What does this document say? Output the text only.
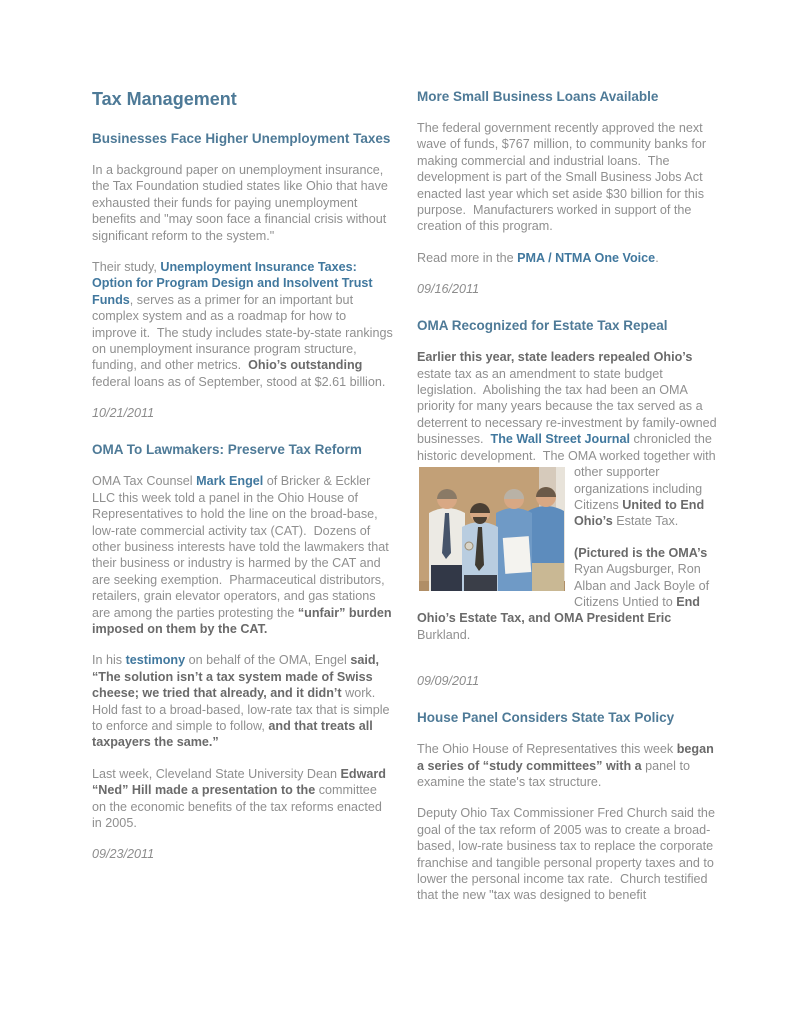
Tax Management
Businesses Face Higher Unemployment Taxes

In a background paper on unemployment insurance, the Tax Foundation studied states like Ohio that have exhausted their funds for paying unemployment benefits and "may soon face a financial crisis without significant reform to the system."

Their study, Unemployment Insurance Taxes: Option for Program Design and Insolvent Trust Funds, serves as a primer for an important but complex system and as a roadmap for how to improve it.  The study includes state-by-state rankings on unemployment insurance program structure, funding, and other metrics.  Ohio’s outstanding federal loans as of September, stood at $2.61 billion.

10/21/2011

OMA To Lawmakers: Preserve Tax Reform

OMA Tax Counsel Mark Engel of Bricker & Eckler LLC this week told a panel in the Ohio House of Representatives to hold the line on the broad-base, low-rate commercial activity tax (CAT).  Dozens of other business interests have told the lawmakers that their business or industry is harmed by the CAT and are seeking exemption.  Pharmaceutical distributors, retailers, grain elevator operators, and gas stations are among the parties protesting the “unfair” burden imposed on them by the CAT.

In his testimony on behalf of the OMA, Engel said, “The solution isn’t a tax system made of Swiss cheese; we tried that already, and it didn’t work.   Hold fast to a broad-based, low-rate tax that is simple to enforce and simple to follow, and that treats all taxpayers the same.”

Last week, Cleveland State University Dean Edward “Ned” Hill made a presentation to the committee on the economic benefits of the tax reforms enacted in 2005.

09/23/2011

More Small Business Loans Available

The federal government recently approved the next wave of funds, $767 million, to community banks for making commercial and industrial loans.  The development is part of the Small Business Jobs Act enacted last year which set aside $30 billion for this purpose.  Manufacturers worked in support of the creation of this program.

Read more in the PMA / NTMA One Voice.

09/16/2011

OMA Recognized for Estate Tax Repeal

Earlier this year, state leaders repealed Ohio’s estate tax as an amendment to state budget legislation.  Abolishing the tax had been an OMA priority for many years because the tax served as a deterrent to necessary re-investment by family-owned businesses.  The Wall Street Journal chronicled the historic development.  The OMA worked together with

other supporter organizations including Citizens United to End Ohio’s Estate Tax.

(Pictured is the OMA’s Ryan Augsburger, Ron Alban and Jack Boyle of Citizens Untied to End Ohio’s Estate Tax, and OMA President Eric Burkland.

09/09/2011

House Panel Considers State Tax Policy

The Ohio House of Representatives this week began a series of “study committees” with a panel to examine the state's tax structure.

Deputy Ohio Tax Commissioner Fred Church said the goal of the tax reform of 2005 was to create a broad-based, low-rate business tax to replace the corporate franchise and tangible personal property taxes and to lower the personal income tax rate.  Church testified that the new "tax was designed to benefit
